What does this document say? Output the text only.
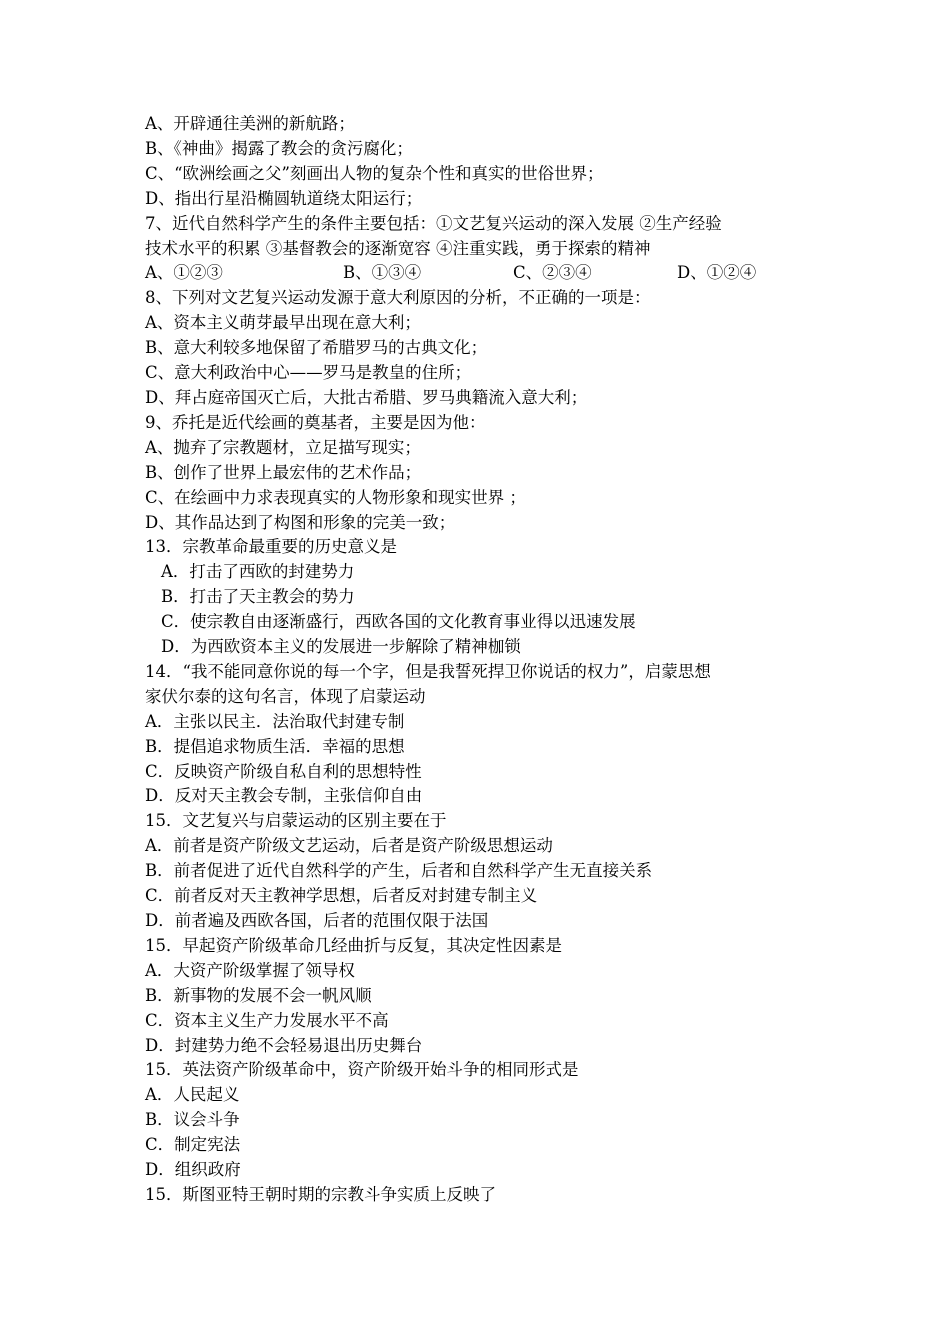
A、开辟通往美洲的新航路；
B、《神曲》揭露了教会的贪污腐化；
C、“欧洲绘画之父”刻画出人物的复杂个性和真实的世俗世界；
D、指出行星沿椭圆轨道绕太阳运行；
7、近代自然科学产生的条件主要包括：①文艺复兴运动的深入发展 ②生产经验
技术水平的积累 ③基督教会的逐渐宽容 ④注重实践，勇于探索的精神
A、①②③	B、①③④	C、②③④	D、①②④
8、下列对文艺复兴运动发源于意大利原因的分析，不正确的一项是：
A、资本主义萌芽最早出现在意大利；
B、意大利较多地保留了希腊罗马的古典文化；
C、意大利政治中心——罗马是教皇的住所；
D、拜占庭帝国灭亡后，大批古希腊、罗马典籍流入意大利；
9、乔托是近代绘画的奠基者，主要是因为他：
A、抛弃了宗教题材，立足描写现实；
B、创作了世界上最宏伟的艺术作品；
C、在绘画中力求表现真实的人物形象和现实世界 ；
D、其作品达到了构图和形象的完美一致；
13．宗教革命最重要的历史意义是
A．打击了西欧的封建势力
B．打击了天主教会的势力
C．使宗教自由逐渐盛行，西欧各国的文化教育事业得以迅速发展
D．为西欧资本主义的发展进一步解除了精神枷锁
14．“我不能同意你说的每一个字，但是我誓死捍卫你说话的权力”，启蒙思想
家伏尔泰的这句名言，体现了启蒙运动
A．主张以民主．法治取代封建专制
B．提倡追求物质生活．幸福的思想
C．反映资产阶级自私自利的思想特性
D．反对天主教会专制，主张信仰自由
15．文艺复兴与启蒙运动的区别主要在于
A．前者是资产阶级文艺运动，后者是资产阶级思想运动
B．前者促进了近代自然科学的产生，后者和自然科学产生无直接关系
C．前者反对天主教神学思想，后者反对封建专制主义
D．前者遍及西欧各国，后者的范围仅限于法国
15．早起资产阶级革命几经曲折与反复，其决定性因素是
A．大资产阶级掌握了领导权
B．新事物的发展不会一帆风顺
C．资本主义生产力发展水平不高
D．封建势力绝不会轻易退出历史舞台
15．英法资产阶级革命中，资产阶级开始斗争的相同形式是
A．人民起义
B．议会斗争
C．制定宪法
D．组织政府
15．斯图亚特王朝时期的宗教斗争实质上反映了
